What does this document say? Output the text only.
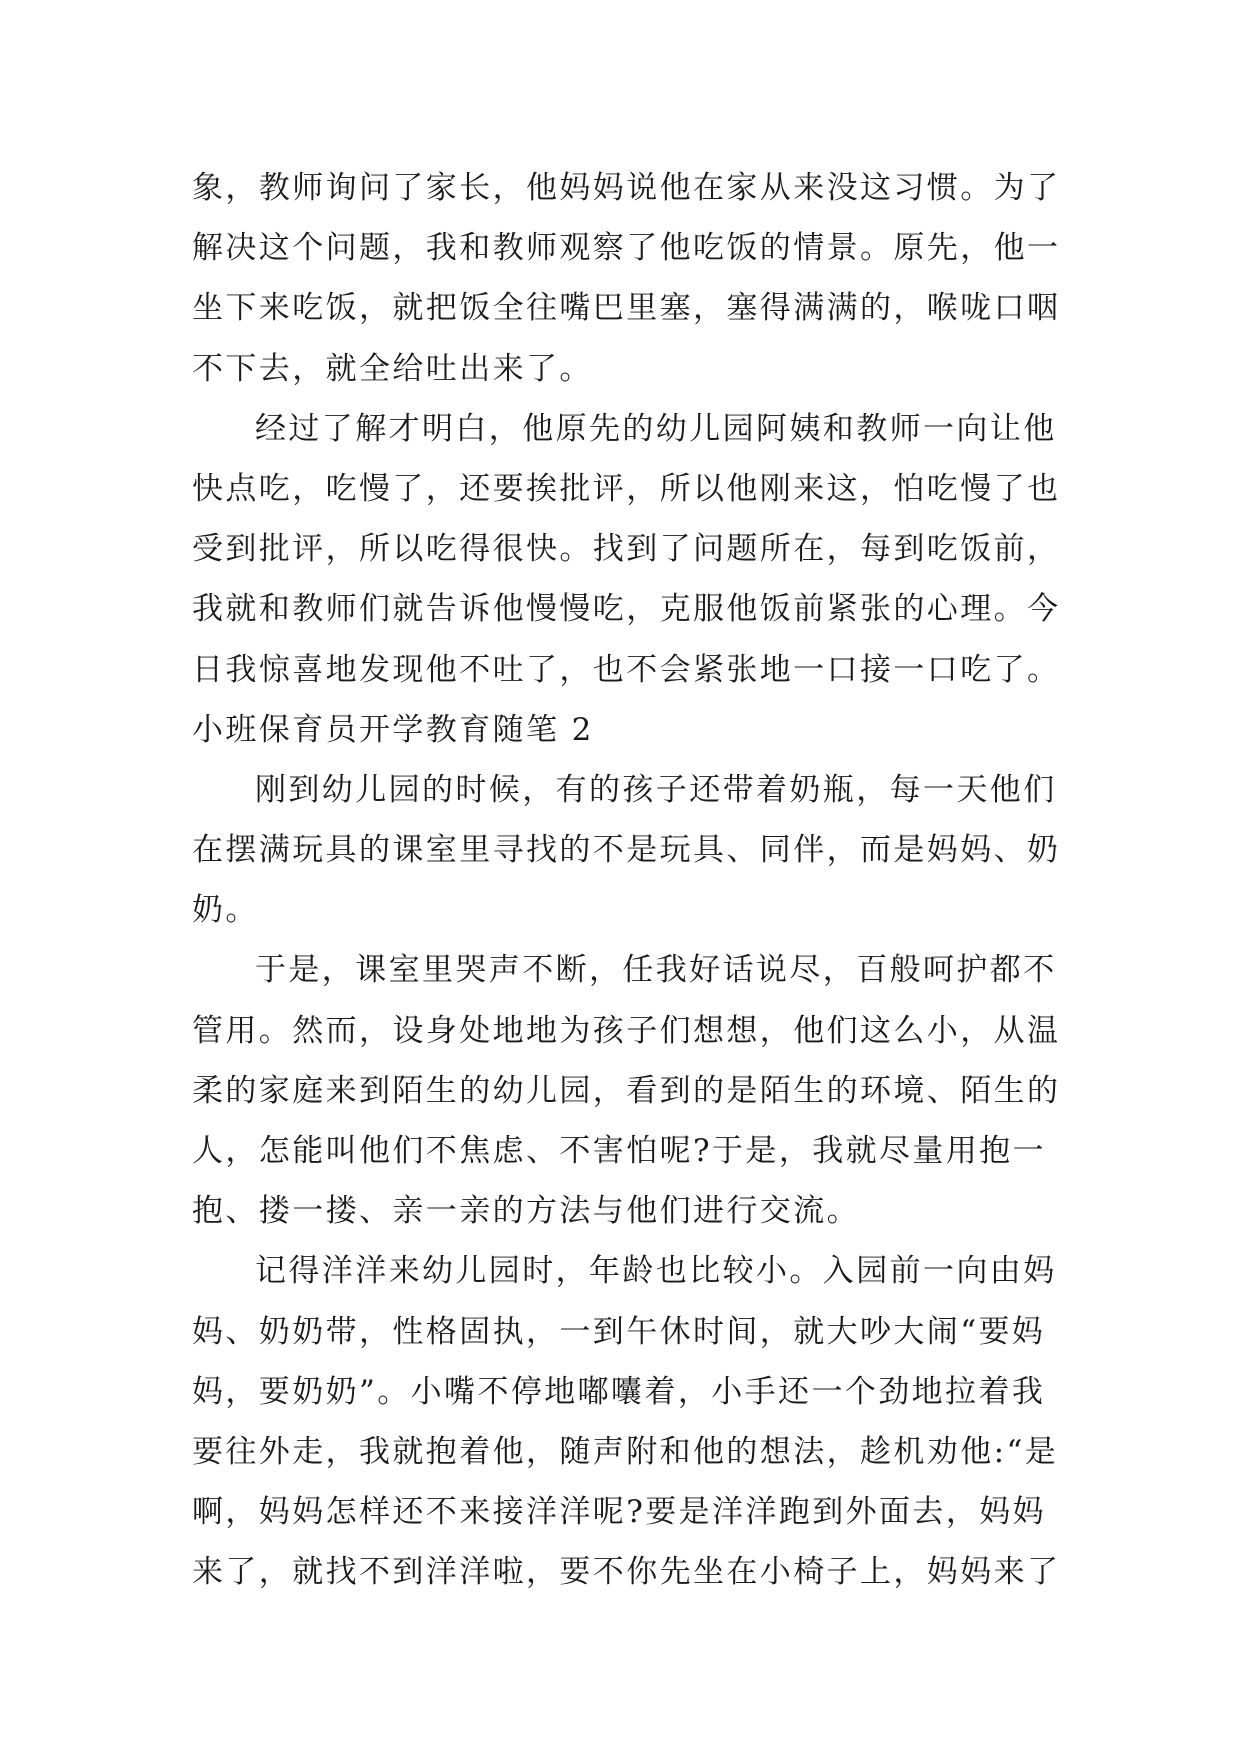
象，教师询问了家长，他妈妈说他在家从来没这习惯。为了
解决这个问题，我和教师观察了他吃饭的情景。原先，他一
坐下来吃饭，就把饭全往嘴巴里塞，塞得满满的，喉咙口咽
不下去，就全给吐出来了。
经过了解才明白，他原先的幼儿园阿姨和教师一向让他
快点吃，吃慢了，还要挨批评，所以他刚来这，怕吃慢了也
受到批评，所以吃得很快。找到了问题所在，每到吃饭前，
我就和教师们就告诉他慢慢吃，克服他饭前紧张的心理。今
日我惊喜地发现他不吐了，也不会紧张地一口接一口吃了。
小班保育员开学教育随笔 2
刚到幼儿园的时候，有的孩子还带着奶瓶，每一天他们
在摆满玩具的课室里寻找的不是玩具、同伴，而是妈妈、奶
奶。
于是，课室里哭声不断，任我好话说尽，百般呵护都不
管用。然而，设身处地地为孩子们想想，他们这么小，从温
柔的家庭来到陌生的幼儿园，看到的是陌生的环境、陌生的
人，怎能叫他们不焦虑、不害怕呢?于是，我就尽量用抱一
抱、搂一搂、亲一亲的方法与他们进行交流。
记得洋洋来幼儿园时，年龄也比较小。入园前一向由妈
妈、奶奶带，性格固执，一到午休时间，就大吵大闹“要妈
妈，要奶奶”。小嘴不停地嘟囔着，小手还一个劲地拉着我
要往外走，我就抱着他，随声附和他的想法，趁机劝他:“是
啊，妈妈怎样还不来接洋洋呢?要是洋洋跑到外面去，妈妈
来了，就找不到洋洋啦，要不你先坐在小椅子上，妈妈来了
